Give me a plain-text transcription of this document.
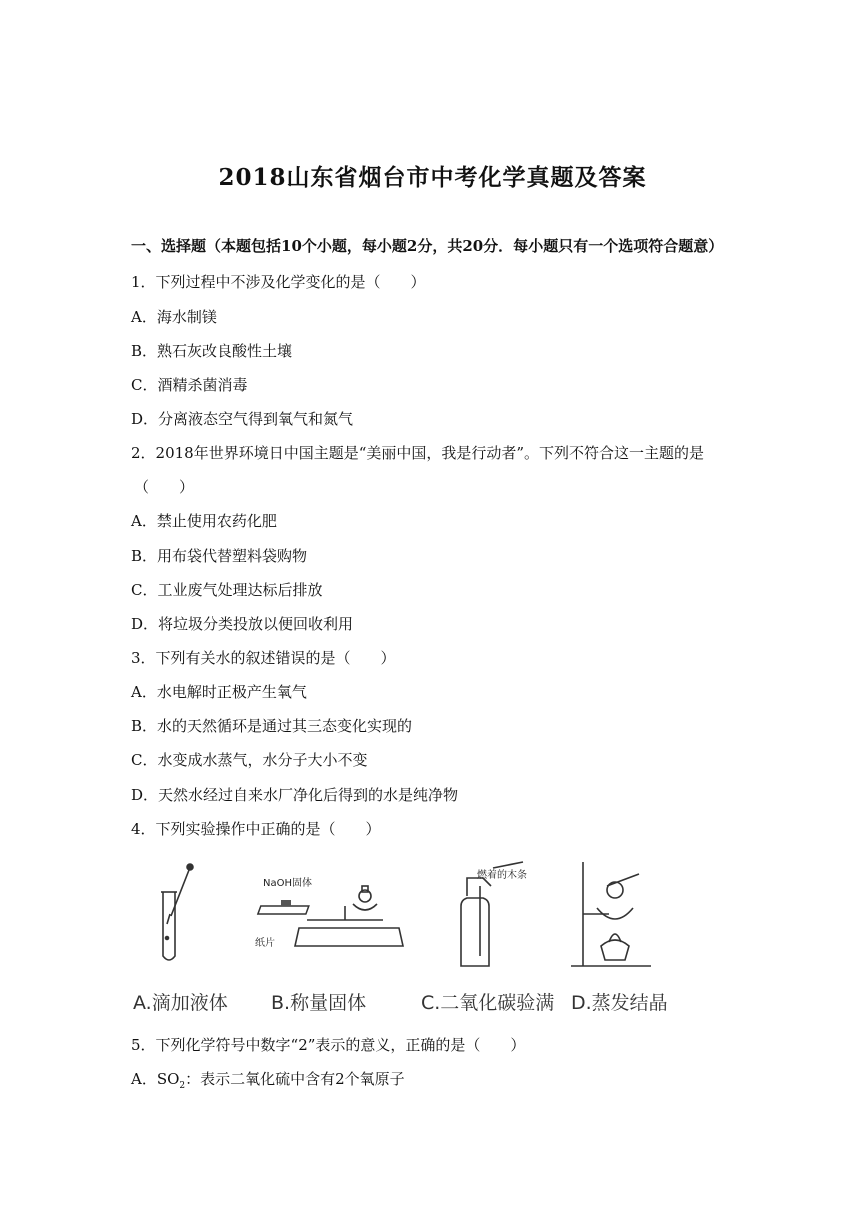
2018山东省烟台市中考化学真题及答案
一、选择题（本题包括10个小题，每小题2分，共20分．每小题只有一个选项符合题意）
1．下列过程中不涉及化学变化的是（　　）
A．海水制镁
B．熟石灰改良酸性土壤
C．酒精杀菌消毒
D．分离液态空气得到氧气和氮气
2．2018年世界环境日中国主题是“美丽中国，我是行动者”。下列不符合这一主题的是
（　　）
A．禁止使用农药化肥
B．用布袋代替塑料袋购物
C．工业废气处理达标后排放
D．将垃圾分类投放以便回收利用
3．下列有关水的叙述错误的是（　　）
A．水电解时正极产生氧气
B．水的天然循环是通过其三态变化实现的
C．水变成水蒸气，水分子大小不变
D．天然水经过自来水厂净化后得到的水是纯净物
4．下列实验操作中正确的是（　　）
NaOH固体
纸片
燃着的木条
A.滴加液体 B.称量固体	C.二氧化碳验满 D.蒸发结晶
5．下列化学符号中数字“2”表示的意义，正确的是（　　）
A．$SO_2$：表示二氧化硫中含有2个氧原子
